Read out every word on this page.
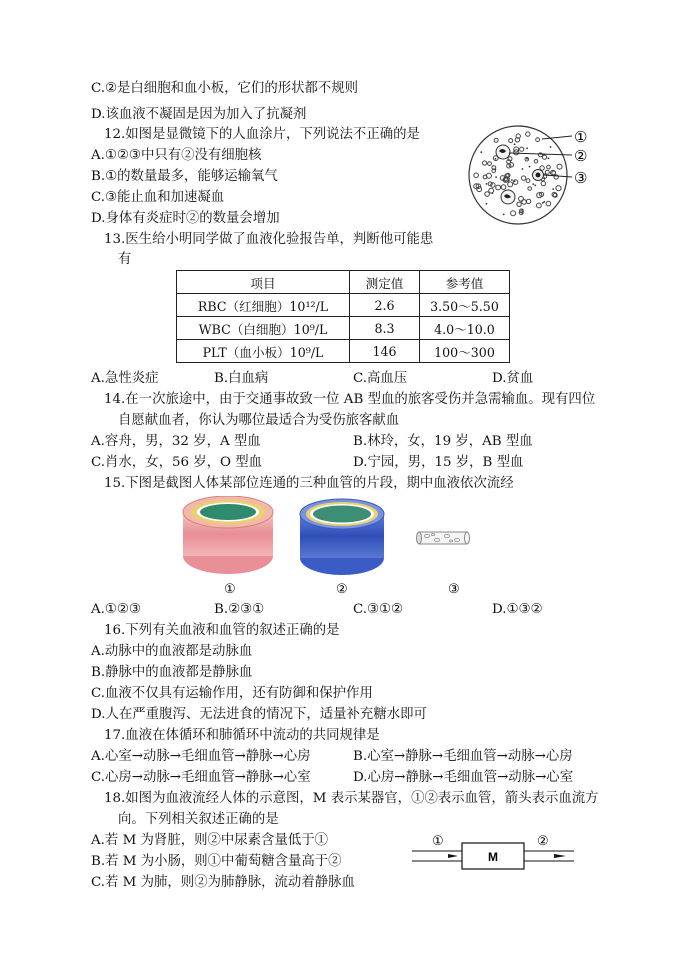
C.②是白细胞和血小板，它们的形状都不规则
D.该血液不凝固是因为加入了抗凝剂
12.如图是显微镜下的人血涂片，下列说法不正确的是
A.①②③中只有②没有细胞核
B.①的数量最多，能够运输氧气
C.③能止血和加速凝血
D.身体有炎症时②的数量会增加
13.医生给小明同学做了血液化验报告单，判断他可能患
有
项目	测定值	参考值
RBC（红细胞）10¹²/L	2.6	3.50～5.50
WBC（白细胞）10⁹/L	8.3	4.0～10.0
PLT（血小板）10⁹/L	146	100～300
A.急性炎症	B.白血病	C.高血压	D.贫血
14.在一次旅途中，由于交通事故致一位 AB 型血的旅客受伤并急需输血。现有四位
自愿献血者，你认为哪位最适合为受伤旅客献血
A.容舟，男，32 岁，A 型血	B.林玲，女，19 岁，AB 型血
C.肖水，女，56 岁，O 型血	D.宁园，男，15 岁，B 型血
15.下图是截图人体某部位连通的三种血管的片段，期中血液依次流经
①	②	③
A.①②③	B.②③①	C.③①②	D.①③②
16.下列有关血液和血管的叙述正确的是
A.动脉中的血液都是动脉血
B.静脉中的血液都是静脉血
C.血液不仅具有运输作用，还有防御和保护作用
D.人在严重腹泻、无法进食的情况下，适量补充糖水即可
17.血液在体循环和肺循环中流动的共同规律是
A.心室→动脉→毛细血管→静脉→心房	B.心室→静脉→毛细血管→动脉→心房
C.心房→动脉→毛细血管→静脉→心室	D.心房→静脉→毛细血管→动脉→心室
18.如图为血液流经人体的示意图，M 表示某器官，①②表示血管，箭头表示血流方
向。下列相关叙述正确的是
A.若 M 为肾脏，则②中尿素含量低于①
B.若 M 为小肠，则①中葡萄糖含量高于②
C.若 M 为肺，则②为肺静脉，流动着静脉血
①
②
③
①	②
M
